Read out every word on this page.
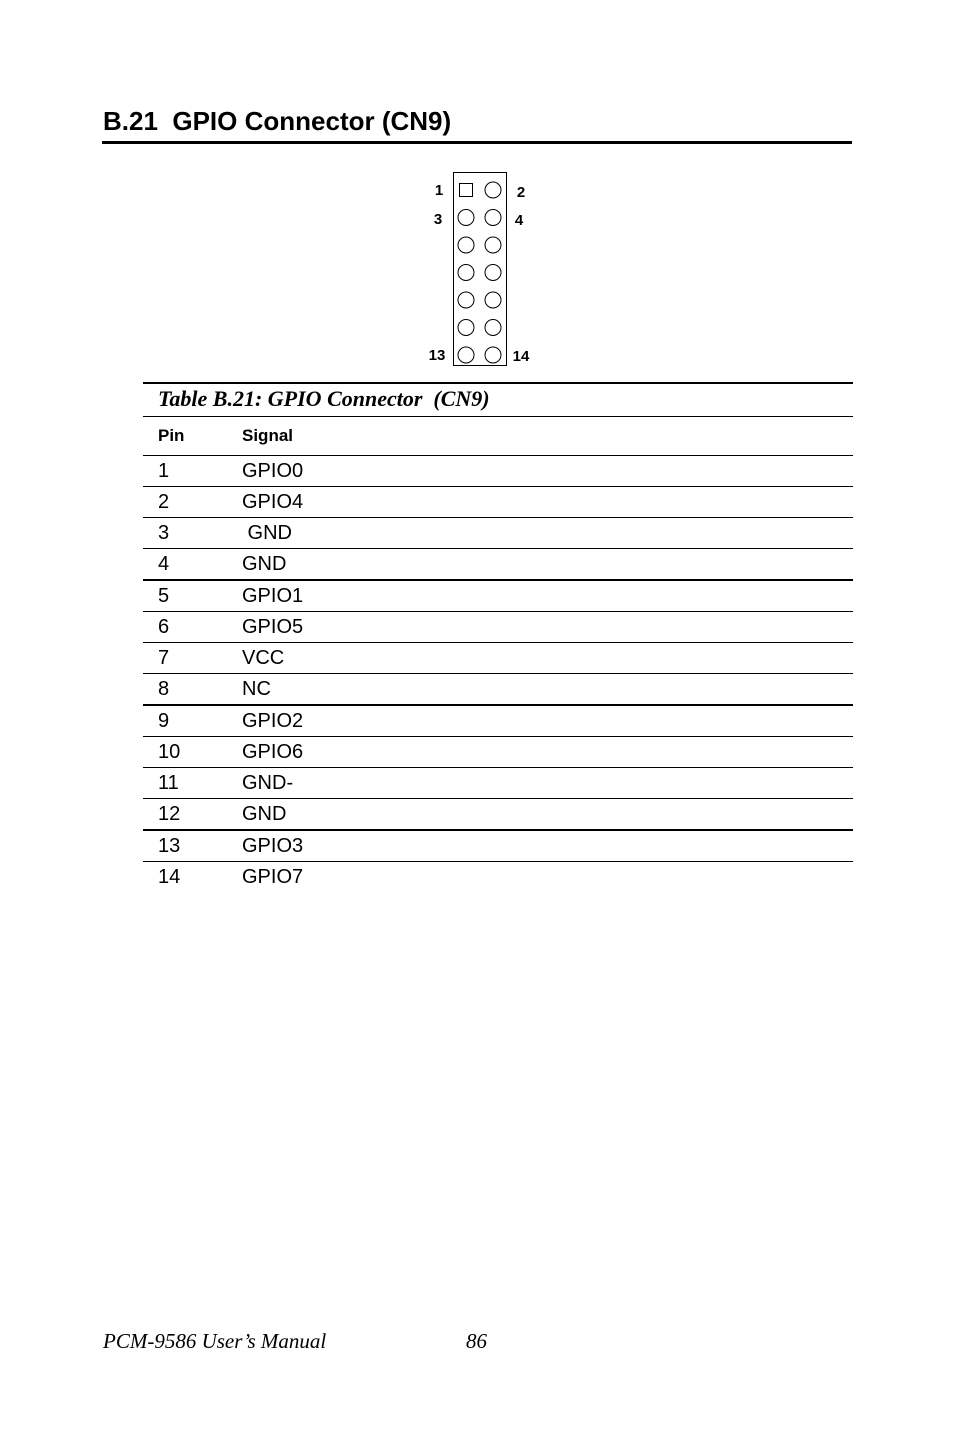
B.21  GPIO Connector (CN9)
1	2
3	4
13	14
Table B.21: GPIO Connector  (CN9)
Pin	Signal
1	GPIO0
2	GPIO4
3	GND
4	GND
5	GPIO1
6	GPIO5
7	VCC
8	NC
9	GPIO2
10	GPIO6
11	GND-
12	GND
13	GPIO3
14	GPIO7
PCM-9586 User’s Manual	86
